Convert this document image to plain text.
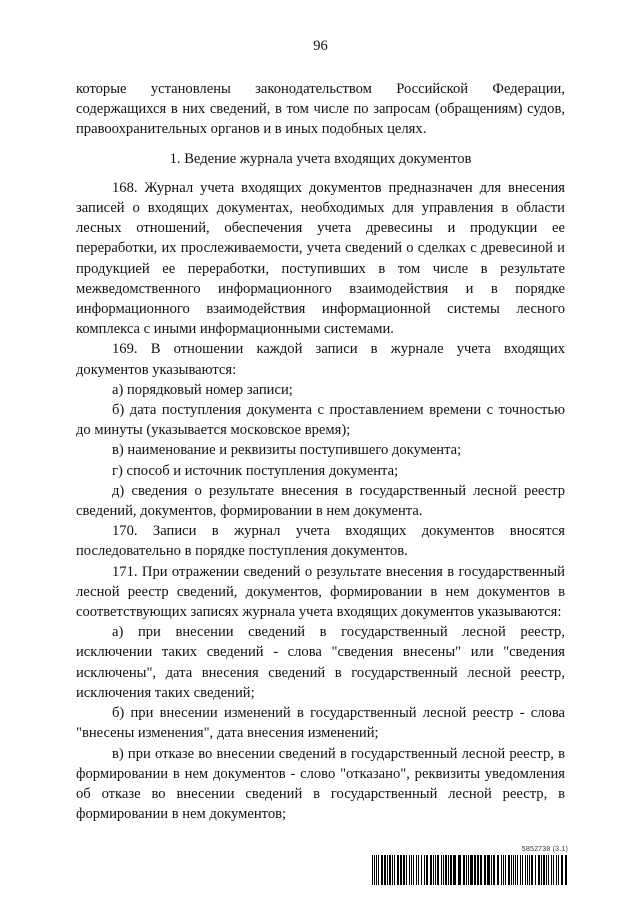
96

которые установлены законодательством Российской Федерации, содержащихся в них сведений, в том числе по запросам (обращениям) судов, правоохранительных органов и в иных подобных целях.

1. Ведение журнала учета входящих документов

168. Журнал учета входящих документов предназначен для внесения записей о входящих документах, необходимых для управления в области лесных отношений, обеспечения учета древесины и продукции ее переработки, их прослеживаемости, учета сведений о сделках с древесиной и продукцией ее переработки, поступивших в том числе в результате межведомственного информационного взаимодействия и в порядке информационного взаимодействия информационной системы лесного комплекса с иными информационными системами.

169. В отношении каждой записи в журнале учета входящих документов указываются:

а) порядковый номер записи;

б) дата поступления документа с проставлением времени с точностью до минуты (указывается московское время);

в) наименование и реквизиты поступившего документа;

г) способ и источник поступления документа;

д) сведения о результате внесения в государственный лесной реестр сведений, документов, формировании в нем документа.

170. Записи в журнал учета входящих документов вносятся последовательно в порядке поступления документов.

171. При отражении сведений о результате внесения в государственный лесной реестр сведений, документов, формировании в нем документов в соответствующих записях журнала учета входящих документов указываются:

а) при внесении сведений в государственный лесной реестр, исключении таких сведений - слова "сведения внесены" или "сведения исключены", дата внесения сведений в государственный лесной реестр, исключения таких сведений;

б) при внесении изменений в государственный лесной реестр - слова "внесены изменения", дата внесения изменений;

в) при отказе во внесении сведений в государственный лесной реестр, в формировании в нем документов - слово "отказано", реквизиты уведомления об отказе во внесении сведений в государственный лесной реестр, в формировании в нем документов;

5852738 (3.1)
